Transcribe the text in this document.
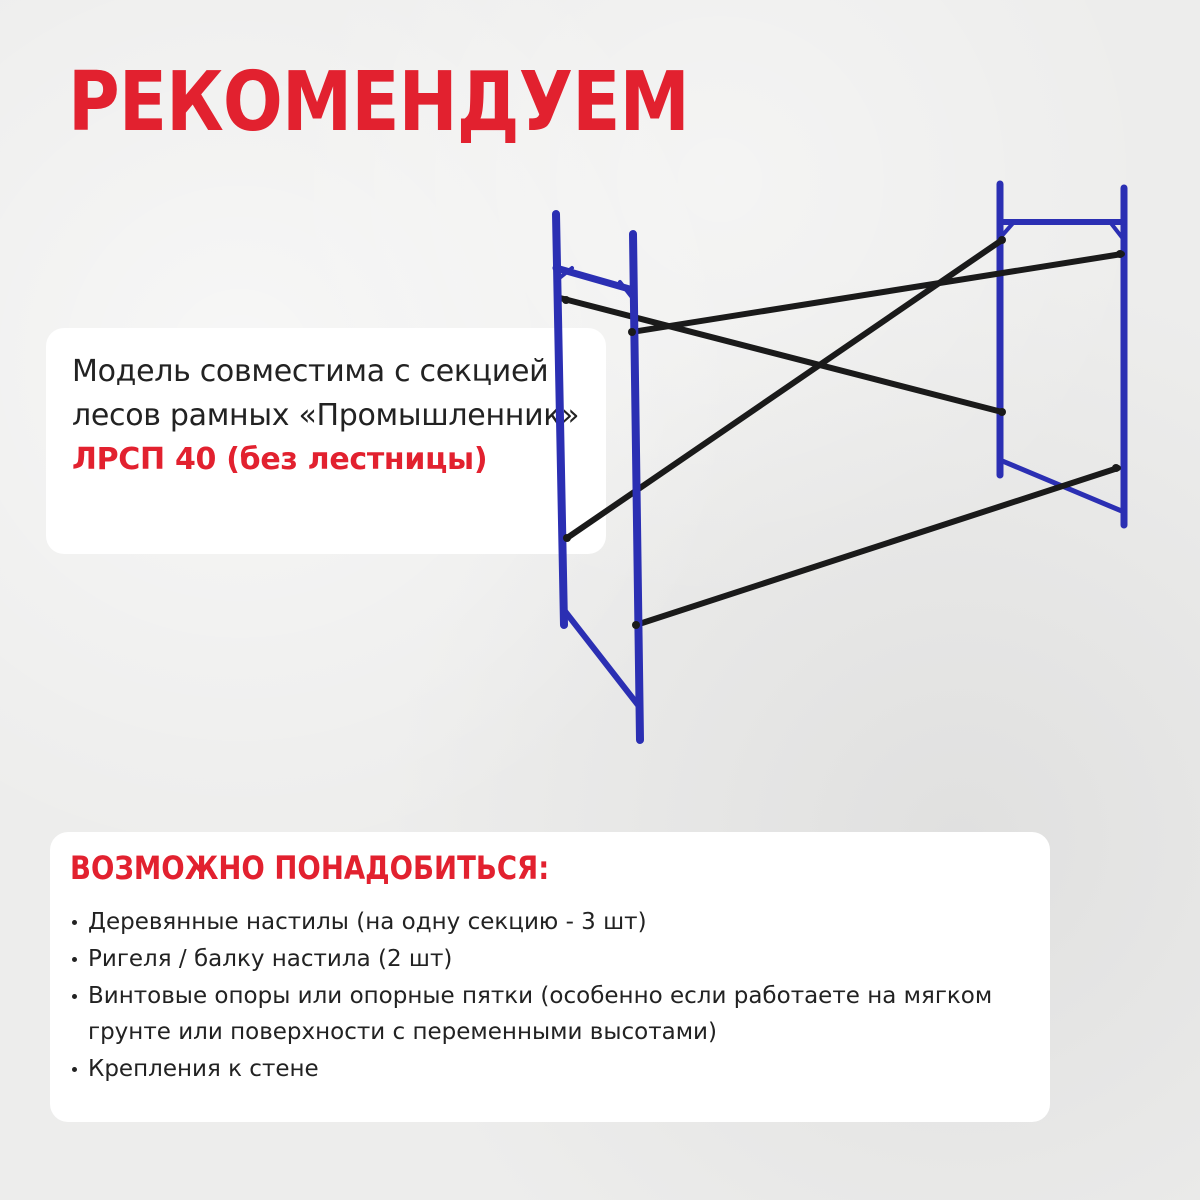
РЕКОМЕНДУЕМ
Модель совместима с секцией лесов рамных «Промышленник» ЛРСП 40 (без лестницы)
ВОЗМОЖНО ПОНАДОБИТЬСЯ:
Деревянные настилы (на одну секцию - 3 шт)
Ригеля / балку настила (2 шт)
Винтовые опоры или опорные пятки (особенно если работаете на мягком грунте или поверхности с переменными высотами)
Крепления к стене
